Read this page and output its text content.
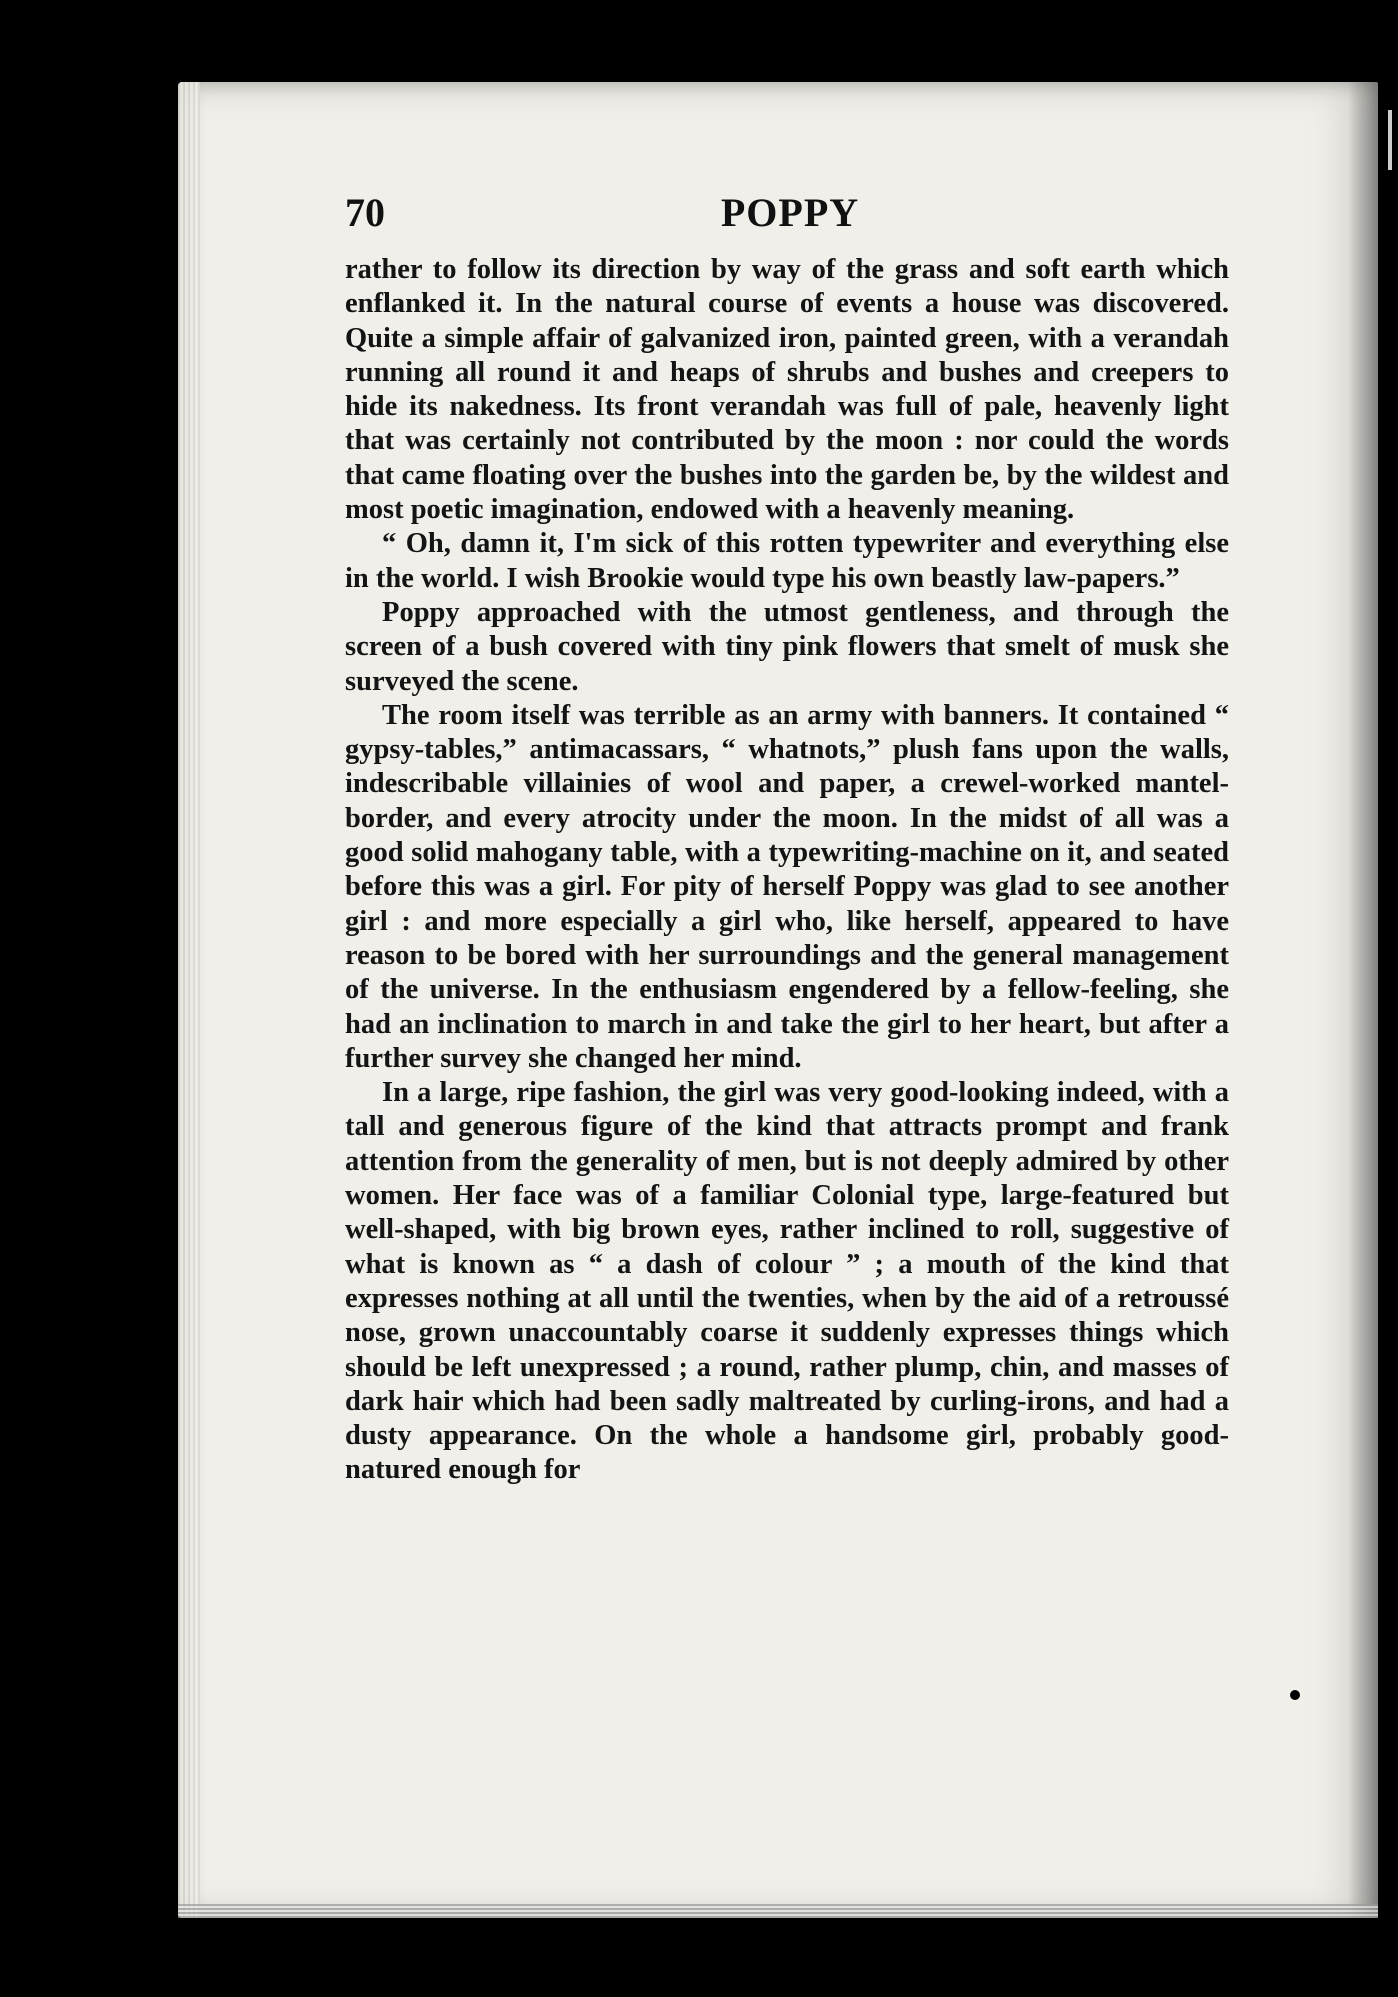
70	POPPY

rather to follow its direction by way of the grass and soft earth which enflanked it. In the natural course of events a house was discovered. Quite a simple affair of galvanized iron, painted green, with a verandah running all round it and heaps of shrubs and bushes and creepers to hide its nakedness. Its front verandah was full of pale, heavenly light that was certainly not contributed by the moon : nor could the words that came floating over the bushes into the garden be, by the wildest and most poetic imagination, endowed with a heavenly meaning.

“ Oh, damn it, I'm sick of this rotten typewriter and everything else in the world. I wish Brookie would type his own beastly law-papers.”

Poppy approached with the utmost gentleness, and through the screen of a bush covered with tiny pink flowers that smelt of musk she surveyed the scene.

The room itself was terrible as an army with banners. It contained “ gypsy-tables,” antimacassars, “ whatnots,” plush fans upon the walls, indescribable villainies of wool and paper, a crewel-worked mantel-border, and every atrocity under the moon. In the midst of all was a good solid mahogany table, with a typewriting-machine on it, and seated before this was a girl. For pity of herself Poppy was glad to see another girl : and more especially a girl who, like herself, appeared to have reason to be bored with her surroundings and the general management of the universe. In the enthusiasm engendered by a fellow-feeling, she had an inclination to march in and take the girl to her heart, but after a further survey she changed her mind.

In a large, ripe fashion, the girl was very good-looking indeed, with a tall and generous figure of the kind that attracts prompt and frank attention from the generality of men, but is not deeply admired by other women. Her face was of a familiar Colonial type, large-featured but well-shaped, with big brown eyes, rather inclined to roll, suggestive of what is known as “ a dash of colour ” ; a mouth of the kind that expresses nothing at all until the twenties, when by the aid of a retroussé nose, grown unaccountably coarse it suddenly expresses things which should be left unexpressed ; a round, rather plump, chin, and masses of dark hair which had been sadly maltreated by curling-irons, and had a dusty appearance. On the whole a handsome girl, probably good-natured enough for
